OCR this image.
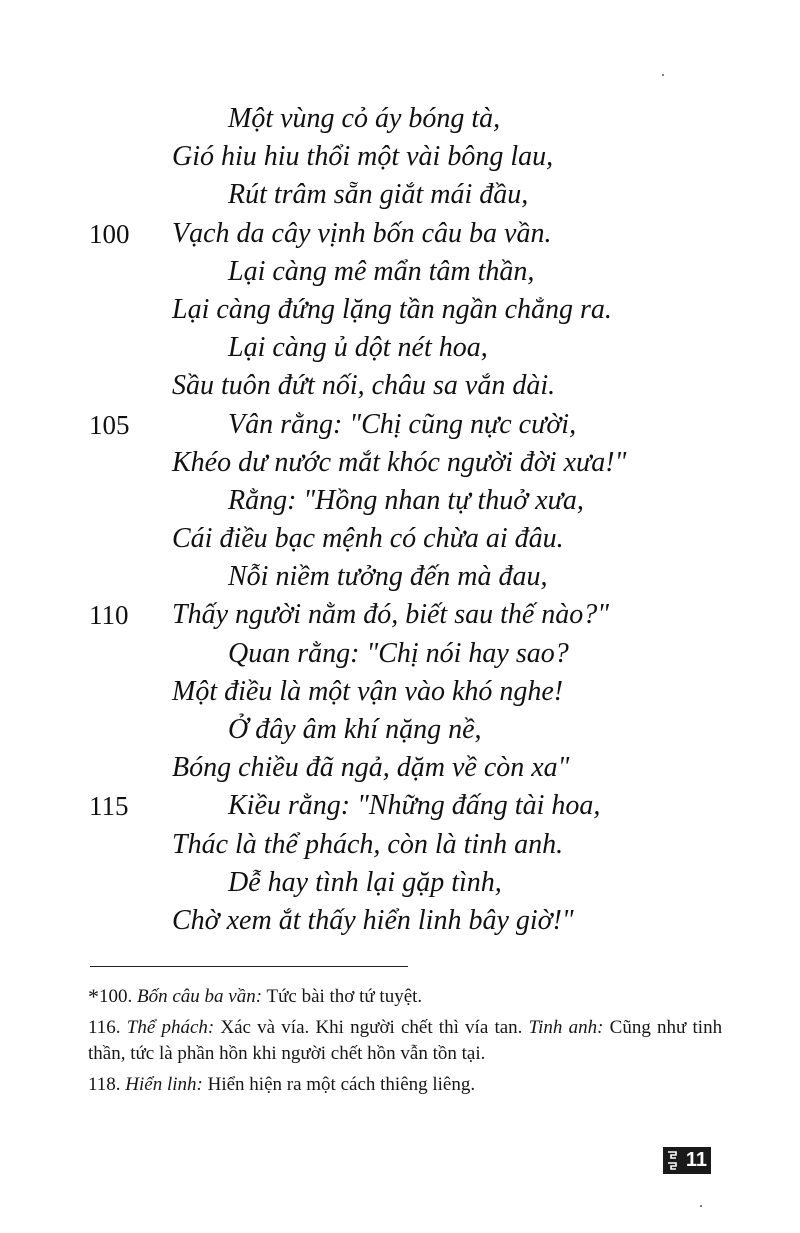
Một vùng cỏ áy bóng tà,
Gió hiu hiu thổi một vài bông lau,
Rút trâm sẵn giắt mái đầu,
100 Vạch da cây vịnh bốn câu ba vần.
Lại càng mê mẩn tâm thần,
Lại càng đứng lặng tần ngần chẳng ra.
Lại càng ủ dột nét hoa,
Sầu tuôn đứt nối, châu sa vắn dài.
105	Vân rằng: "Chị cũng nực cười,
Khéo dư nước mắt khóc người đời xưa!"
Rằng: "Hồng nhan tự thuở xưa,
Cái điều bạc mệnh có chừa ai đâu.
Nỗi niềm tưởng đến mà đau,
110 Thấy người nằm đó, biết sau thế nào?"
Quan rằng: "Chị nói hay sao?
Một điều là một vận vào khó nghe!
Ở đây âm khí nặng nề,
Bóng chiều đã ngả, dặm về còn xa"
115	Kiều rằng: "Những đấng tài hoa,
Thác là thể phách, còn là tinh anh.
Dễ hay tình lại gặp tình,
Chờ xem ắt thấy hiển linh bây giờ!"

*100. Bốn câu ba vần: Tức bài thơ tứ tuyệt.

116. Thể phách: Xác và vía. Khi người chết thì vía tan. Tinh anh: Cũng như tinh thần, tức là phần hồn khi người chết hồn vẫn tồn tại.

118. Hiển linh: Hiển hiện ra một cách thiêng liêng.

11
